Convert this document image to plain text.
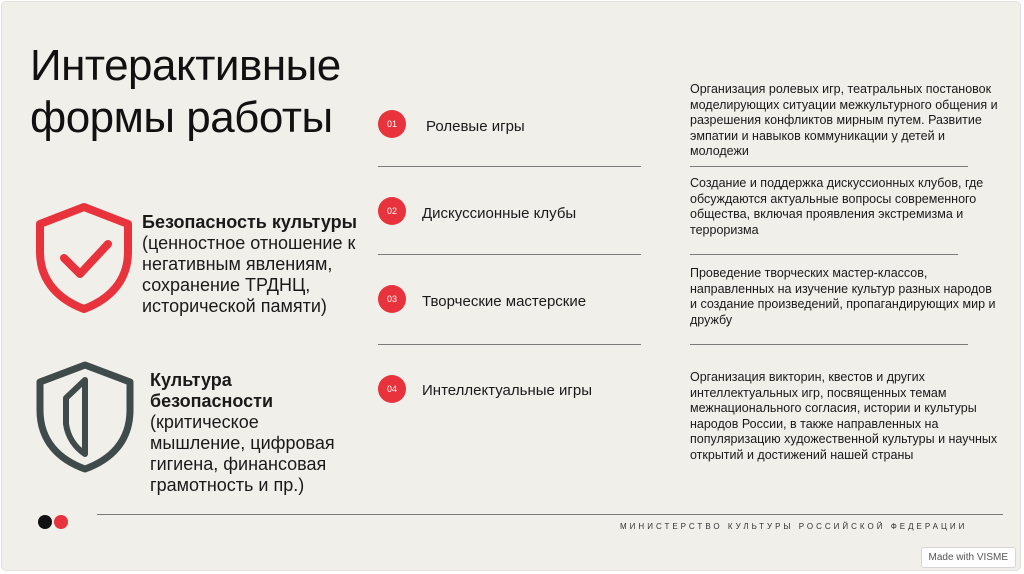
Интерактивные
формы работы
Безопасность культуры (ценностное отношение к негативным явлениям, сохранение ТРДНЦ, исторической памяти)
Культура безопасности (критическое мышление, цифровая гигиена, финансовая грамотность и пр.)
01	Ролевые игры
Организация ролевых игр, театральных постановок моделирующих ситуации межкультурного общения и разрешения конфликтов мирным путем. Развитие эмпатии и навыков коммуникации у детей и молодежи
02	Дискуссионные клубы
Создание и поддержка дискуссионных клубов, где обсуждаются актуальные вопросы современного общества, включая проявления экстремизма и терроризма
03	Творческие мастерские
Проведение творческих мастер-классов, направленных на изучение культур разных народов и создание произведений, пропагандирующих мир и дружбу
04	Интеллектуальные игры
Организация викторин, квестов и других интеллектуальных игр, посвященных темам межнационального согласия, истории и культуры народов России, в также направленных на популяризацию художественной культуры и научных открытий и достижений нашей страны
МИНИСТЕРСТВО КУЛЬТУРЫ РОССИЙСКОЙ ФЕДЕРАЦИИ
Made with VISME
